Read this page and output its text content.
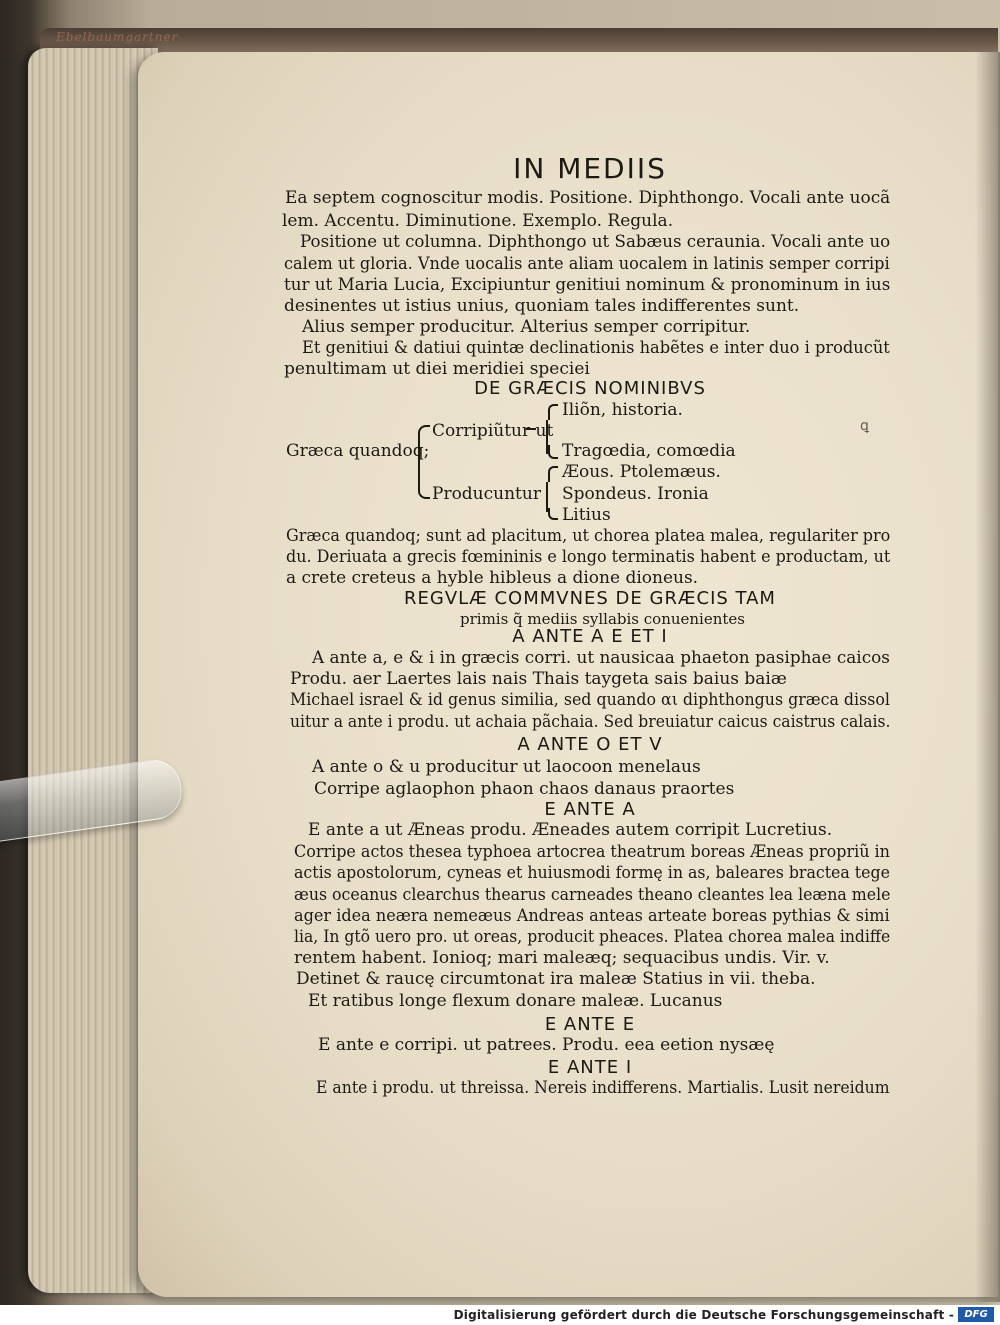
Ebelbaumgartner
ꝗ
IN MEDIIS
Ea septem cognoscitur modis. Positione. Diphthongo. Vocali ante uocã
lem. Accentu. Diminutione. Exemplo. Regula.
Positione ut columna. Diphthongo ut Sabæus ceraunia. Vocali ante uo
calem ut gloria. Vnde uocalis ante aliam uocalem in latinis semper corripi
tur ut Maria Lucia, Excipiuntur genitiui nominum & pronominum in ius
desinentes ut istius unius, quoniam tales indifferentes sunt.
Alius semper producitur. Alterius semper corripitur.
Et genitiui & datiui quintæ declinationis habẽtes e inter duo i producũt
penultimam ut diei meridiei speciei
DE GRÆCIS NOMINIBVS
Iliõn, historia.
Corripiũtur ut
Græca quandoq;	Tragœdia, comœdia
Æous. Ptolemæus.
Producuntur Spondeus. Ironia
Litius
Græca quandoq; sunt ad placitum, ut chorea platea malea, regulariter pro
du. Deriuata a grecis fœmininis e longo terminatis habent e productam, ut
a crete creteus a hyble hibleus a dione dioneus.
REGVLÆ COMMVNES DE GRÆCIS TAM
primis q̃ mediis syllabis conuenientes
A ANTE A E ET I
A ante a, e & i in græcis corri. ut nausicaa phaeton pasiphae caicos
Produ. aer Laertes lais nais Thais taygeta sais baius baiæ
Michael israel & id genus similia, sed quando αι diphthongus græca dissol
uitur a ante i produ. ut achaia pãchaia. Sed breuiatur caicus caistrus calais.
A ANTE O ET V
A ante o & u producitur ut laocoon menelaus
Corripe aglaophon phaon chaos danaus praortes
E ANTE A
E ante a ut Æneas produ. Æneades autem corripit Lucretius.
Corripe actos thesea typhoea artocrea theatrum boreas Æneas propriũ in
actis apostolorum, cyneas et huiusmodi formę in as, baleares bractea tege
æus oceanus clearchus thearus carneades theano cleantes lea leæna mele
ager idea neæra nemeæus Andreas anteas arteate boreas pythias & simi
lia, In gtõ uero pro. ut oreas, producit pheaces. Platea chorea malea indiffe
rentem habent. Ionioq; mari maleæq; sequacibus undis. Vir. v.
Detinet & raucę circumtonat ira maleæ Statius in vii. theba.
Et ratibus longe flexum donare maleæ. Lucanus
E ANTE E
E ante e corripi. ut patrees. Produ. eea eetion nysæę
E ANTE I
E ante i produ. ut threissa. Nereis indifferens. Martialis. Lusit nereidum
Digitalisierung gefördert durch die Deutsche Forschungsgemeinschaft -	DFG
